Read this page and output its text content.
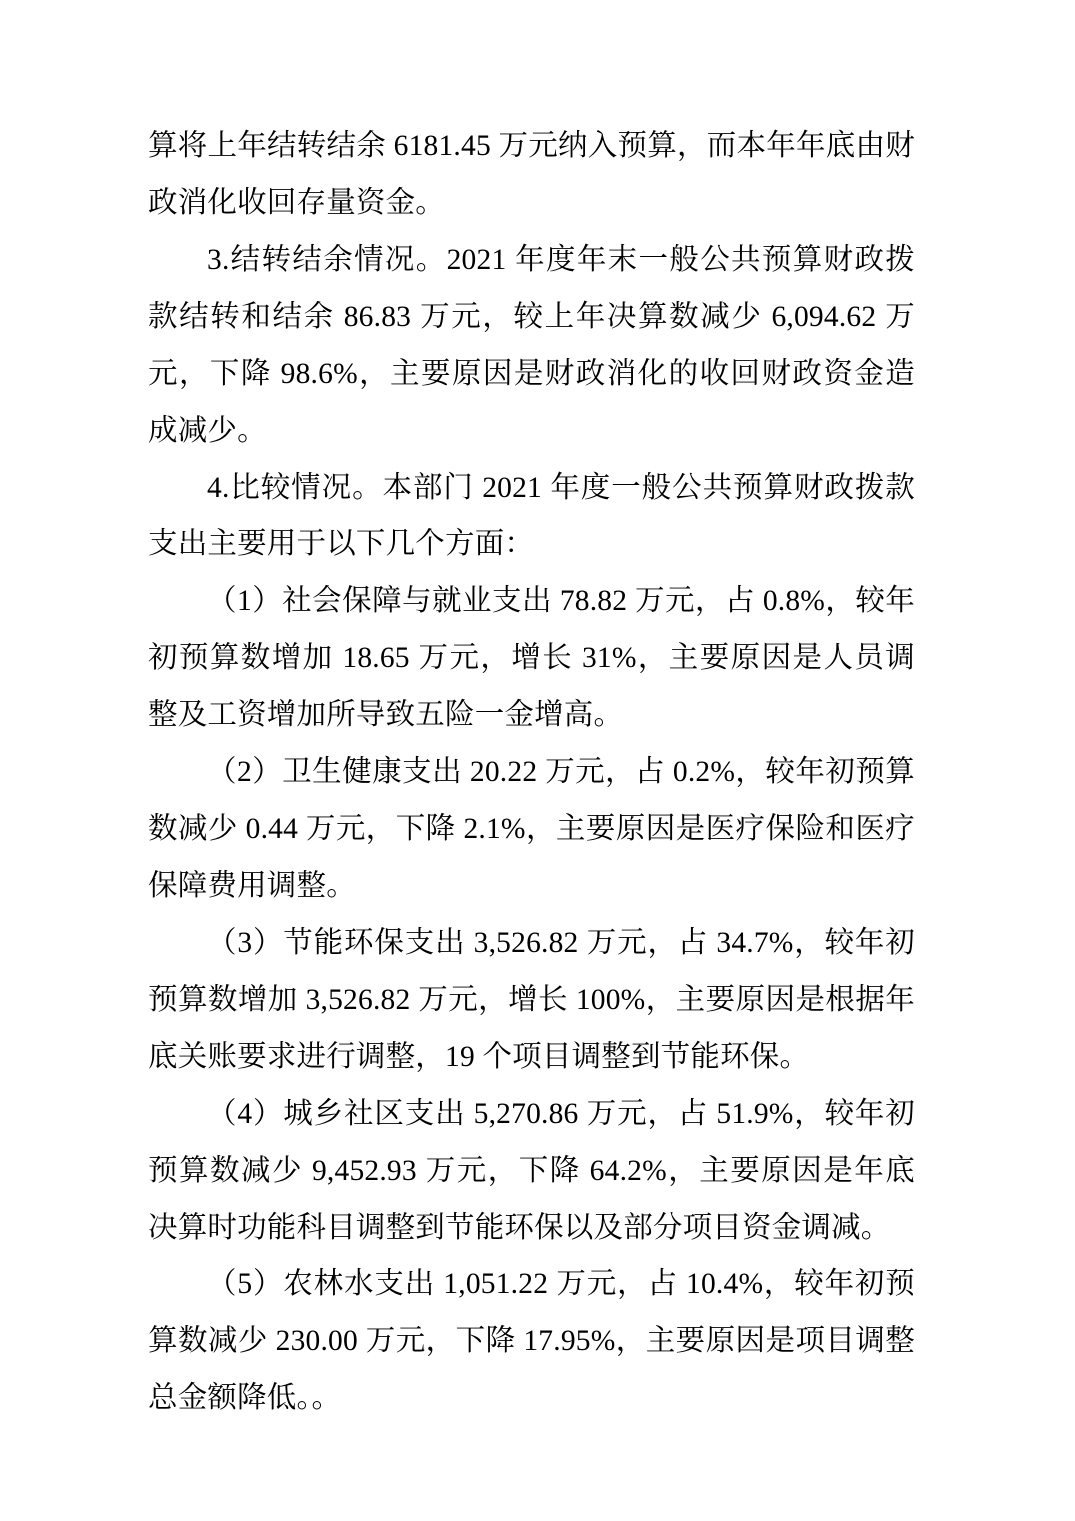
算将上年结转结余 6181.45 万元纳入预算，而本年年底由财政消化收回存量资金。

3.结转结余情况。2021 年度年末一般公共预算财政拨款结转和结余 86.83 万元，较上年决算数减少 6,094.62 万元，下降 98.6%，主要原因是财政消化的收回财政资金造成减少。

4.比较情况。本部门 2021 年度一般公共预算财政拨款支出主要用于以下几个方面：

（1）社会保障与就业支出 78.82 万元，占 0.8%，较年初预算数增加 18.65 万元，增长 31%，主要原因是人员调整及工资增加所导致五险一金增高。

（2）卫生健康支出 20.22 万元，占 0.2%，较年初预算数减少 0.44 万元，下降 2.1%，主要原因是医疗保险和医疗保障费用调整。

（3）节能环保支出 3,526.82 万元，占 34.7%，较年初预算数增加 3,526.82 万元，增长 100%，主要原因是根据年底关账要求进行调整，19 个项目调整到节能环保。

（4）城乡社区支出 5,270.86 万元，占 51.9%，较年初预算数减少 9,452.93 万元，下降 64.2%，主要原因是年底决算时功能科目调整到节能环保以及部分项目资金调减。

（5）农林水支出 1,051.22 万元，占 10.4%，较年初预算数减少 230.00 万元，下降 17.95%，主要原因是项目调整总金额降低。。
